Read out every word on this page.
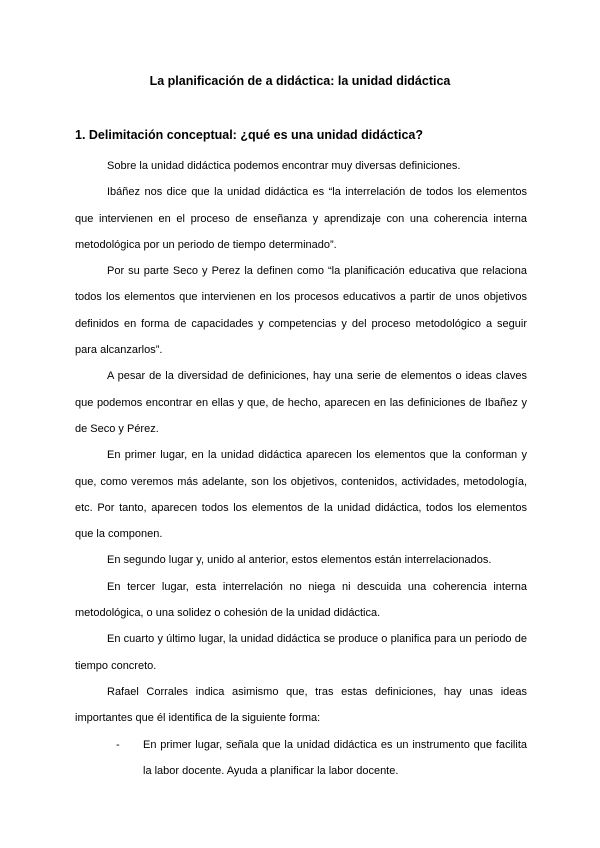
La planificación de a didáctica: la unidad didáctica
1. Delimitación conceptual: ¿qué es una unidad didáctica?

Sobre la unidad didáctica podemos encontrar muy diversas definiciones.

Ibáñez nos dice que la unidad didáctica es “la interrelación de todos los elementos que intervienen en el proceso de enseñanza y aprendizaje con una coherencia interna metodológica por un periodo de tiempo determinado”.

Por su parte Seco y Perez la definen como “la planificación educativa que relaciona todos los elementos que intervienen en los procesos educativos a partir de unos objetivos definidos en forma de capacidades y competencias y del proceso metodológico a seguir para alcanzarlos”.

A pesar de la diversidad de definiciones, hay una serie de elementos o ideas claves que podemos encontrar en ellas y que, de hecho, aparecen en las definiciones de Ibañez y de Seco y Pérez.

En primer lugar, en la unidad didáctica aparecen los elementos que la conforman y que, como veremos más adelante, son los objetivos, contenidos, actividades, metodología, etc. Por tanto, aparecen todos los elementos de la unidad didáctica, todos los elementos que la componen.

En segundo lugar y, unido al anterior, estos elementos están interrelacionados.

En tercer lugar, esta interrelación no niega ni descuida una coherencia interna metodológica, o una solidez o cohesión de la unidad didáctica.

En cuarto y último lugar, la unidad didáctica se produce o planifica para un periodo de tiempo concreto.

Rafael Corrales indica asimismo que, tras estas definiciones, hay unas ideas importantes que él identifica de la siguiente forma:

- En primer lugar, señala que la unidad didáctica es un instrumento que facilita la labor docente. Ayuda a planificar la labor docente.
